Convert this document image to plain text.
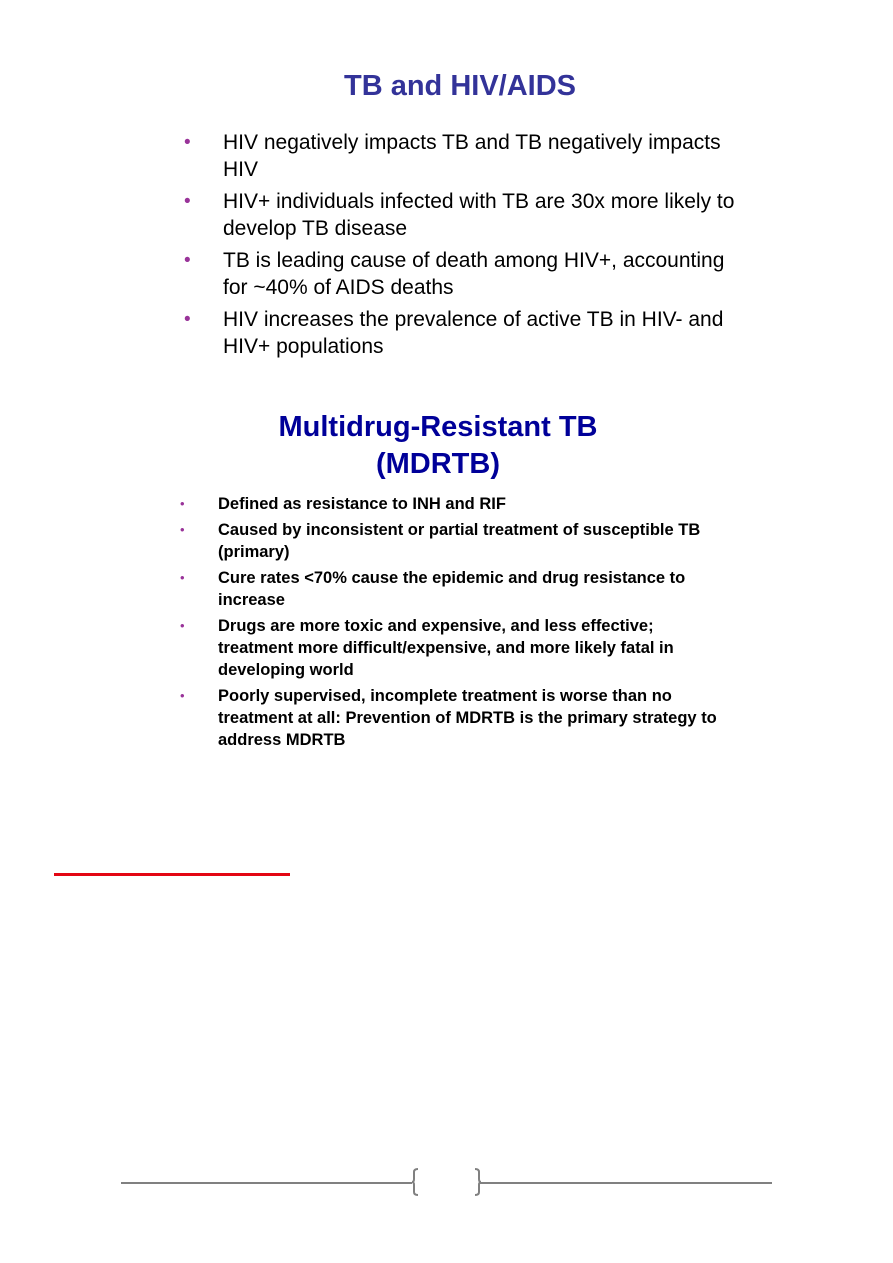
TB and HIV/AIDS
• HIV negatively impacts TB and TB negatively impacts HIV
• HIV+ individuals infected with TB are 30x more likely to develop TB disease
• TB is leading cause of death among HIV+, accounting for ~40% of AIDS deaths
• HIV increases the prevalence of active TB in HIV- and HIV+ populations
Multidrug-Resistant TB
(MDRTB)
• Defined as resistance to INH and RIF
• Caused by inconsistent or partial treatment of susceptible TB (primary)
• Cure rates <70% cause the epidemic and drug resistance to increase
• Drugs are more toxic and expensive, and less effective; treatment more difficult/expensive, and more likely fatal in developing world
• Poorly supervised, incomplete treatment is worse than no treatment at all: Prevention of MDRTB is the primary strategy to address MDRTB
